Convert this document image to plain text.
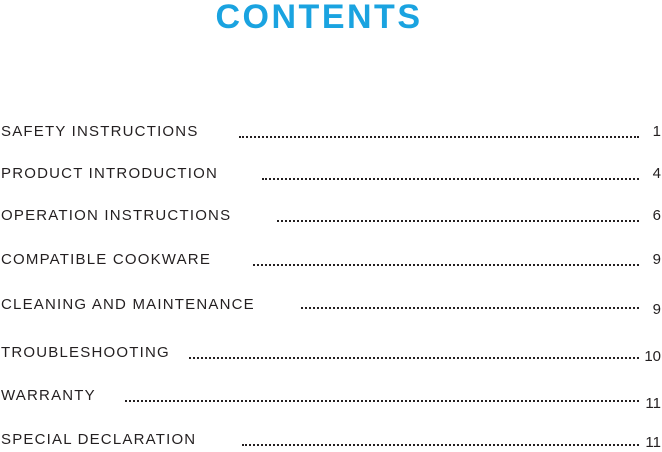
CONTENTS
SAFETY INSTRUCTIONS	1
PRODUCT INTRODUCTION	4
OPERATION INSTRUCTIONS	6
COMPATIBLE COOKWARE	9
CLEANING AND MAINTENANCE	9
TROUBLESHOOTING	10
WARRANTY	11
SPECIAL DECLARATION	11
